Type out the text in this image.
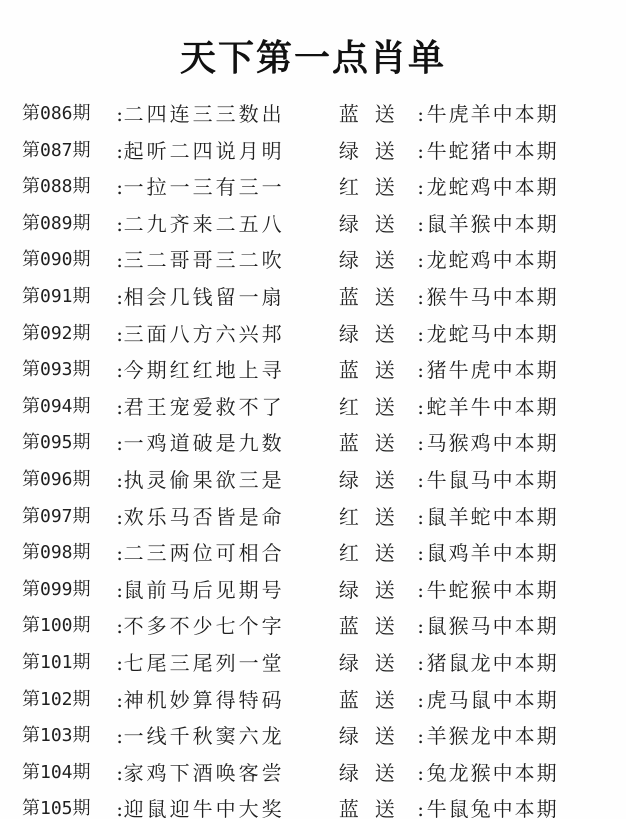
天下第一点肖单
第086期	: 二四连三三数出	蓝 送	: 牛虎羊中本期
第087期	: 起听二四说月明	绿 送	: 牛蛇猪中本期
第088期	: 一拉一三有三一	红 送	: 龙蛇鸡中本期
第089期	: 二九齐来二五八	绿 送	: 鼠羊猴中本期
第090期	: 三二哥哥三二吹	绿 送	: 龙蛇鸡中本期
第091期	: 相会几钱留一扇	蓝 送	: 猴牛马中本期
第092期	: 三面八方六兴邦	绿 送	: 龙蛇马中本期
第093期	: 今期红红地上寻	蓝 送	: 猪牛虎中本期
第094期	: 君王宠爱救不了	红 送	: 蛇羊牛中本期
第095期	: 一鸡道破是九数	蓝 送	: 马猴鸡中本期
第096期	: 执灵偷果欲三是	绿 送	: 牛鼠马中本期
第097期	: 欢乐马否皆是命	红 送	: 鼠羊蛇中本期
第098期	: 二三两位可相合	红 送	: 鼠鸡羊中本期
第099期	: 鼠前马后见期号	绿 送	: 牛蛇猴中本期
第100期	: 不多不少七个字	蓝 送	: 鼠猴马中本期
第101期	: 七尾三尾列一堂	绿 送	: 猪鼠龙中本期
第102期	: 神机妙算得特码	蓝 送	: 虎马鼠中本期
第103期	: 一线千秋窦六龙	绿 送	: 羊猴龙中本期
第104期	: 家鸡下酒唤客尝	绿 送	: 兔龙猴中本期
第105期	: 迎鼠迎牛中大奖	蓝 送	: 牛鼠兔中本期
